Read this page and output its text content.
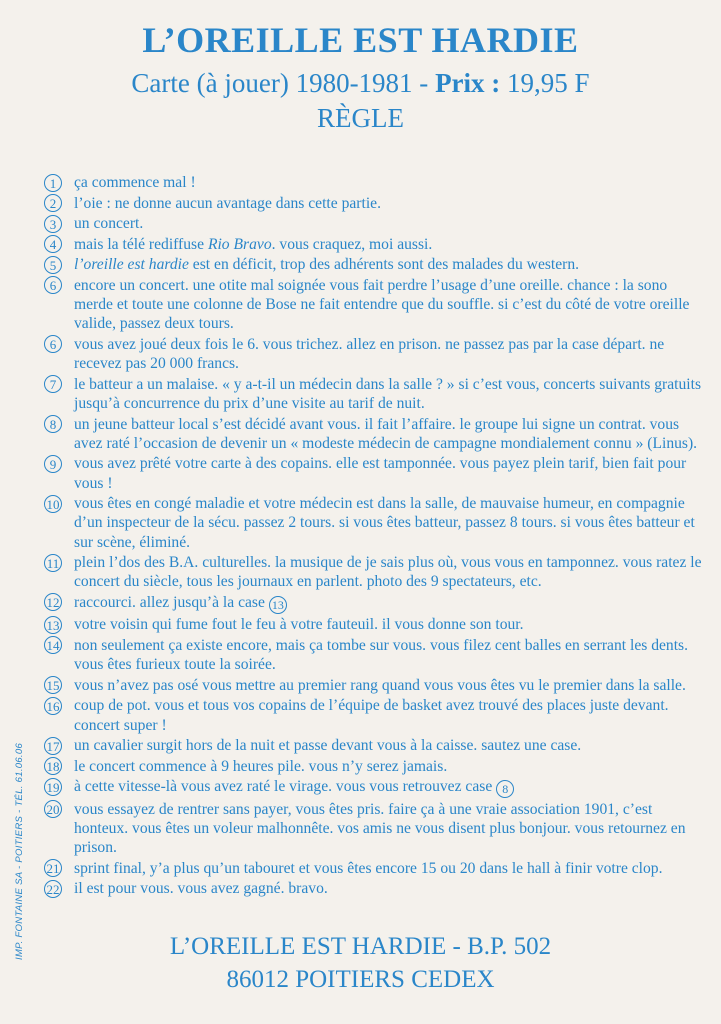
L’OREILLE EST HARDIE
Carte (à jouer) 1980-1981 - Prix : 19,95 F
RÈGLE
1	ça commence mal !
2	l’oie : ne donne aucun avantage dans cette partie.
3	un concert.
4	mais la télé rediffuse Rio Bravo. vous craquez, moi aussi.
5	l’oreille est hardie est en déficit, trop des adhérents sont des malades du western.
6	encore un concert. une otite mal soignée vous fait perdre l’usage d’une oreille. chance : la sono merde et toute une colonne de Bose ne fait entendre que du souffle. si c’est du côté de votre oreille valide, passez deux tours.
6	vous avez joué deux fois le 6. vous trichez. allez en prison. ne passez pas par la case départ. ne recevez pas 20 000 francs.
7	le batteur a un malaise. « y a-t-il un médecin dans la salle ? » si c’est vous, concerts suivants gratuits jusqu’à concurrence du prix d’une visite au tarif de nuit.
8	un jeune batteur local s’est décidé avant vous. il fait l’affaire. le groupe lui signe un contrat. vous avez raté l’occasion de devenir un « modeste médecin de campagne mondialement connu » (Linus).
9	vous avez prêté votre carte à des copains. elle est tamponnée. vous payez plein tarif, bien fait pour vous !
10 vous êtes en congé maladie et votre médecin est dans la salle, de mauvaise humeur, en compagnie d’un inspecteur de la sécu. passez 2 tours. si vous êtes batteur, passez 8 tours. si vous êtes batteur et sur scène, éliminé.
11 plein l’dos des B.A. culturelles. la musique de je sais plus où, vous vous en tamponnez. vous ratez le concert du siècle, tous les journaux en parlent. photo des 9 spectateurs, etc.
12 raccourci. allez jusqu’à la case 13
13 votre voisin qui fume fout le feu à votre fauteuil. il vous donne son tour.
14 non seulement ça existe encore, mais ça tombe sur vous. vous filez cent balles en serrant les dents. vous êtes furieux toute la soirée.
15 vous n’avez pas osé vous mettre au premier rang quand vous vous êtes vu le premier dans la salle.
16 coup de pot. vous et tous vos copains de l’équipe de basket avez trouvé des places juste devant. concert super !
17 un cavalier surgit hors de la nuit et passe devant vous à la caisse. sautez une case.
18 le concert commence à 9 heures pile. vous n’y serez jamais.
19 à cette vitesse-là vous avez raté le virage. vous vous retrouvez case 8
20 vous essayez de rentrer sans payer, vous êtes pris. faire ça à une vraie association 1901, c’est honteux. vous êtes un voleur malhonnête. vos amis ne vous disent plus bonjour. vous retournez en prison.
21 sprint final, y’a plus qu’un tabouret et vous êtes encore 15 ou 20 dans le hall à finir votre clop.
22 il est pour vous. vous avez gagné. bravo.
IMP. FONTAINE SA - POITIERS - TÉL. 61.06.06	L’OREILLE EST HARDIE - B.P. 502
86012 POITIERS CEDEX
